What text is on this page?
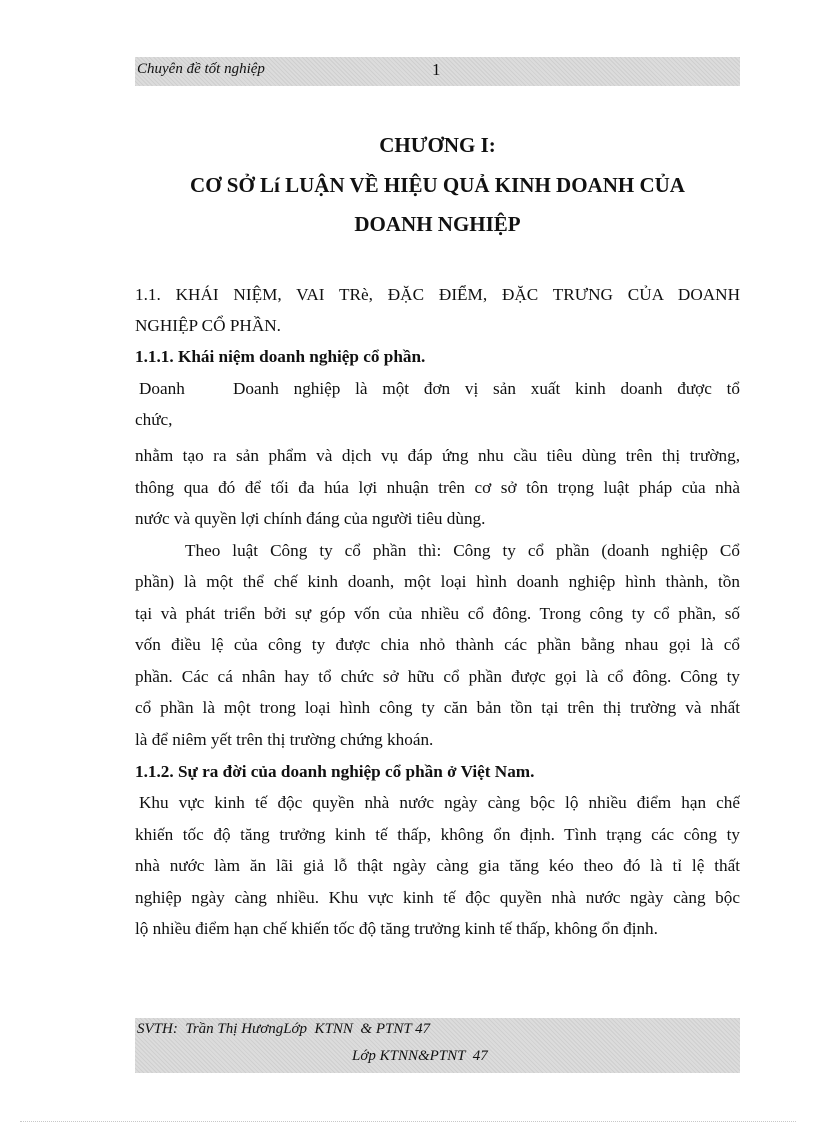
Chuyên đề tốt nghiệp	1
CHƯƠNG I:
CƠ SỞ Lí LUẬN VỀ HIỆU QUẢ KINH DOANH CỦA
DOANH NGHIỆP
1.1. KHÁI NIỆM, VAI TRè, ĐẶC ĐIỂM, ĐẶC TRƯNG CỦA DOANH
NGHIỆP CỔ PHẦN.
1.1.1. Khái niệm doanh nghiệp cổ phần.
Doanh	Doanh nghiệp là một đơn vị sản xuất kinh doanh được tổ
chức,
nhằm tạo ra sản phẩm và dịch vụ đáp ứng nhu cầu tiêu dùng trên thị trường,
thông qua đó để tối đa húa lợi nhuận trên cơ sở tôn trọng luật pháp của nhà
nước và quyền lợi chính đáng của người tiêu dùng.
Theo luật Công ty cổ phần thì: Công ty cổ phần (doanh nghiệp Cổ
phần) là một thể chế kinh doanh, một loại hình doanh nghiệp hình thành, tồn
tại và phát triển bởi sự góp vốn của nhiều cổ đông. Trong công ty cổ phần, số
vốn điều lệ của công ty được chia nhỏ thành các phần bằng nhau gọi là cổ
phần. Các cá nhân hay tổ chức sở hữu cổ phần được gọi là cổ đông. Công ty
cổ phần là một trong loại hình công ty căn bản tồn tại trên thị trường và nhất
là để niêm yết trên thị trường chứng khoán.
1.1.2. Sự ra đời của doanh nghiệp cổ phần ở Việt Nam.
Khu vực kinh tế độc quyền nhà nước ngày càng bộc lộ nhiều điểm hạn chế
khiến tốc độ tăng trưởng kinh tế thấp, không ổn định. Tình trạng các công ty
nhà nước làm ăn lãi giả lỗ thật ngày càng gia tăng kéo theo đó là tỉ lệ thất
nghiệp ngày càng nhiều. Khu vực kinh tế độc quyền nhà nước ngày càng bộc
lộ nhiều điểm hạn chế khiến tốc độ tăng trưởng kinh tế thấp, không ổn định.
SVTH:  Trần Thị HươngLớp  KTNN  & PTNT 47
Lớp KTNN&PTNT  47
